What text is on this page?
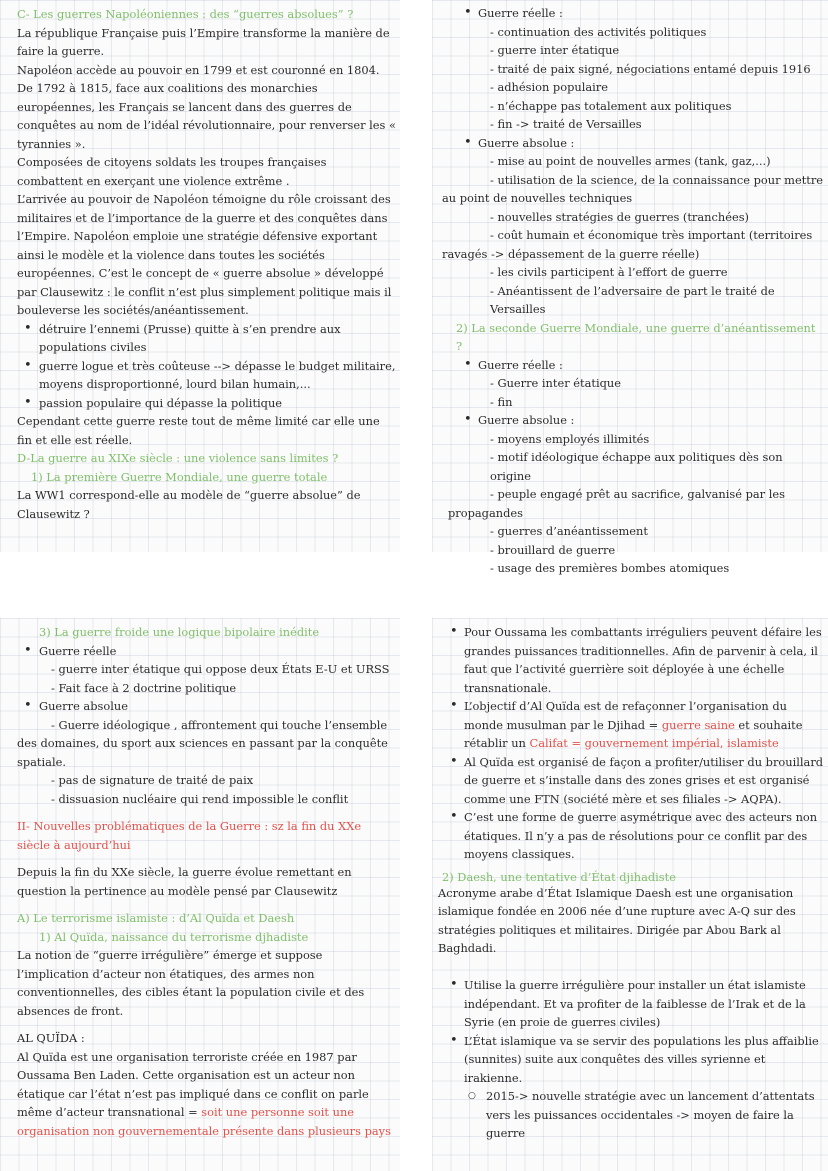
C- Les guerres Napoléoniennes : des “guerres absolues” ?

La république Française puis l’Empire transforme la manière de faire la guerre.

Napoléon accède au pouvoir en 1799 et est couronné en 1804. De 1792 à 1815, face aux coalitions des monarchies européennes, les Français se lancent dans des guerres de conquêtes au nom de l’idéal révolutionnaire, pour renverser les « tyrannies ».

Composées de citoyens soldats les troupes françaises combattent en exerçant une violence extrême .

L’arrivée au pouvoir de Napoléon témoigne du rôle croissant des militaires et de l’importance de la guerre et des conquêtes dans l’Empire. Napoléon emploie une stratégie défensive exportant ainsi le modèle et la violence dans toutes les sociétés européennes. C’est le concept de « guerre absolue » développé par Clausewitz : le conflit n’est plus simplement politique mais il bouleverse les sociétés/anéantissement.

• détruire l’ennemi (Prusse) quitte à s’en prendre aux populations civiles
• guerre logue et très coûteuse --> dépasse le budget militaire, moyens disproportionné, lourd bilan humain,...
• passion populaire qui dépasse la politique

Cependant cette guerre reste tout de même limité car elle une fin et elle est réelle.

D-La guerre au XIXe siècle : une violence sans limites ?

1) La première Guerre Mondiale, une guerre totale

La WW1 correspond-elle au modèle de “guerre absolue” de Clausewitz ?

• Guerre réelle :

- continuation des activités politiques

- guerre inter étatique

- traité de paix signé, négociations entamé depuis 1916

- adhésion populaire

- n’échappe pas totalement aux politiques

- fin -> traité de Versailles

• Guerre absolue :

- mise au point de nouvelles armes (tank, gaz,...)

- utilisation de la science, de la connaissance pour mettre

au point de nouvelles techniques

- nouvelles stratégies de guerres (tranchées)

- coût humain et économique très important (territoires

ravagés -> dépassement de la guerre réelle)

- les civils participent à l’effort de guerre

- Anéantissent de l’adversaire de part le traité de Versailles

2) La seconde Guerre Mondiale, une guerre d’anéantissement ?

• Guerre réelle :

- Guerre inter étatique

- fin

• Guerre absolue :

- moyens employés illimités

- motif idéologique échappe aux politiques dès son origine

- peuple engagé prêt au sacrifice, galvanisé par les

propagandes

- guerres d’anéantissement

- brouillard de guerre

- usage des premières bombes atomiques

3) La guerre froide une logique bipolaire inédite

• Guerre réelle

- guerre inter étatique qui oppose deux États E-U et URSS

- Fait face à 2 doctrine politique

• Guerre absolue

- Guerre idéologique , affrontement qui touche l’ensemble des domaines, du sport aux sciences en passant par la conquête spatiale.

- pas de signature de traité de paix

- dissuasion nucléaire qui rend impossible le conflit

II- Nouvelles problématiques de la Guerre : sz la fin du XXe siècle à aujourd’hui

Depuis la fin du XXe siècle, la guerre évolue remettant en question la pertinence au modèle pensé par Clausewitz

A) Le terrorisme islamiste : d’Al Quïda et Daesh

1) Al Quïda, naissance du terrorisme djhadiste

La notion de “guerre irrégulière” émerge et suppose l’implication d’acteur non étatiques, des armes non conventionnelles, des cibles étant la population civile et des absences de front.

AL QUÏDA :

Al Quïda est une organisation terroriste créée en 1987 par Oussama Ben Laden. Cette organisation est un acteur non étatique car l’état n’est pas impliqué dans ce conflit on parle même d’acteur transnational = soit une personne soit une organisation non gouvernementale présente dans plusieurs pays

• Pour Oussama les combattants irréguliers peuvent défaire les grandes puissances traditionnelles. Afin de parvenir à cela, il faut que l’activité guerrière soit déployée à une échelle transnationale.
• L’objectif d’Al Quïda est de refaçonner l’organisation du monde musulman par le Djihad = guerre saine et souhaite rétablir un Califat = gouvernement impérial, islamiste
• Al Quïda est organisé de façon a profiter/utiliser du brouillard de guerre et s’installe dans des zones grises et est organisé comme une FTN (société mère et ses filiales -> AQPA).
• C’est une forme de guerre asymétrique avec des acteurs non étatiques. Il n’y a pas de résolutions pour ce conflit par des moyens classiques.

2) Daesh, une tentative d’État djihadiste

Acronyme arabe d’État Islamique Daesh est une organisation islamique fondée en 2006 née d’une rupture avec A-Q sur des stratégies politiques et militaires. Dirigée par Abou Bark al Baghdadi.

• Utilise la guerre irrégulière pour installer un état islamiste indépendant. Et va profiter de la faiblesse de l’Irak et de la Syrie (en proie de guerres civiles)
• L’État islamique va se servir des populations les plus affaiblie (sunnites) suite aux conquêtes des villes syrienne et irakienne.
○ 2015-> nouvelle stratégie avec un lancement d’attentats vers les puissances occidentales -> moyen de faire la guerre
